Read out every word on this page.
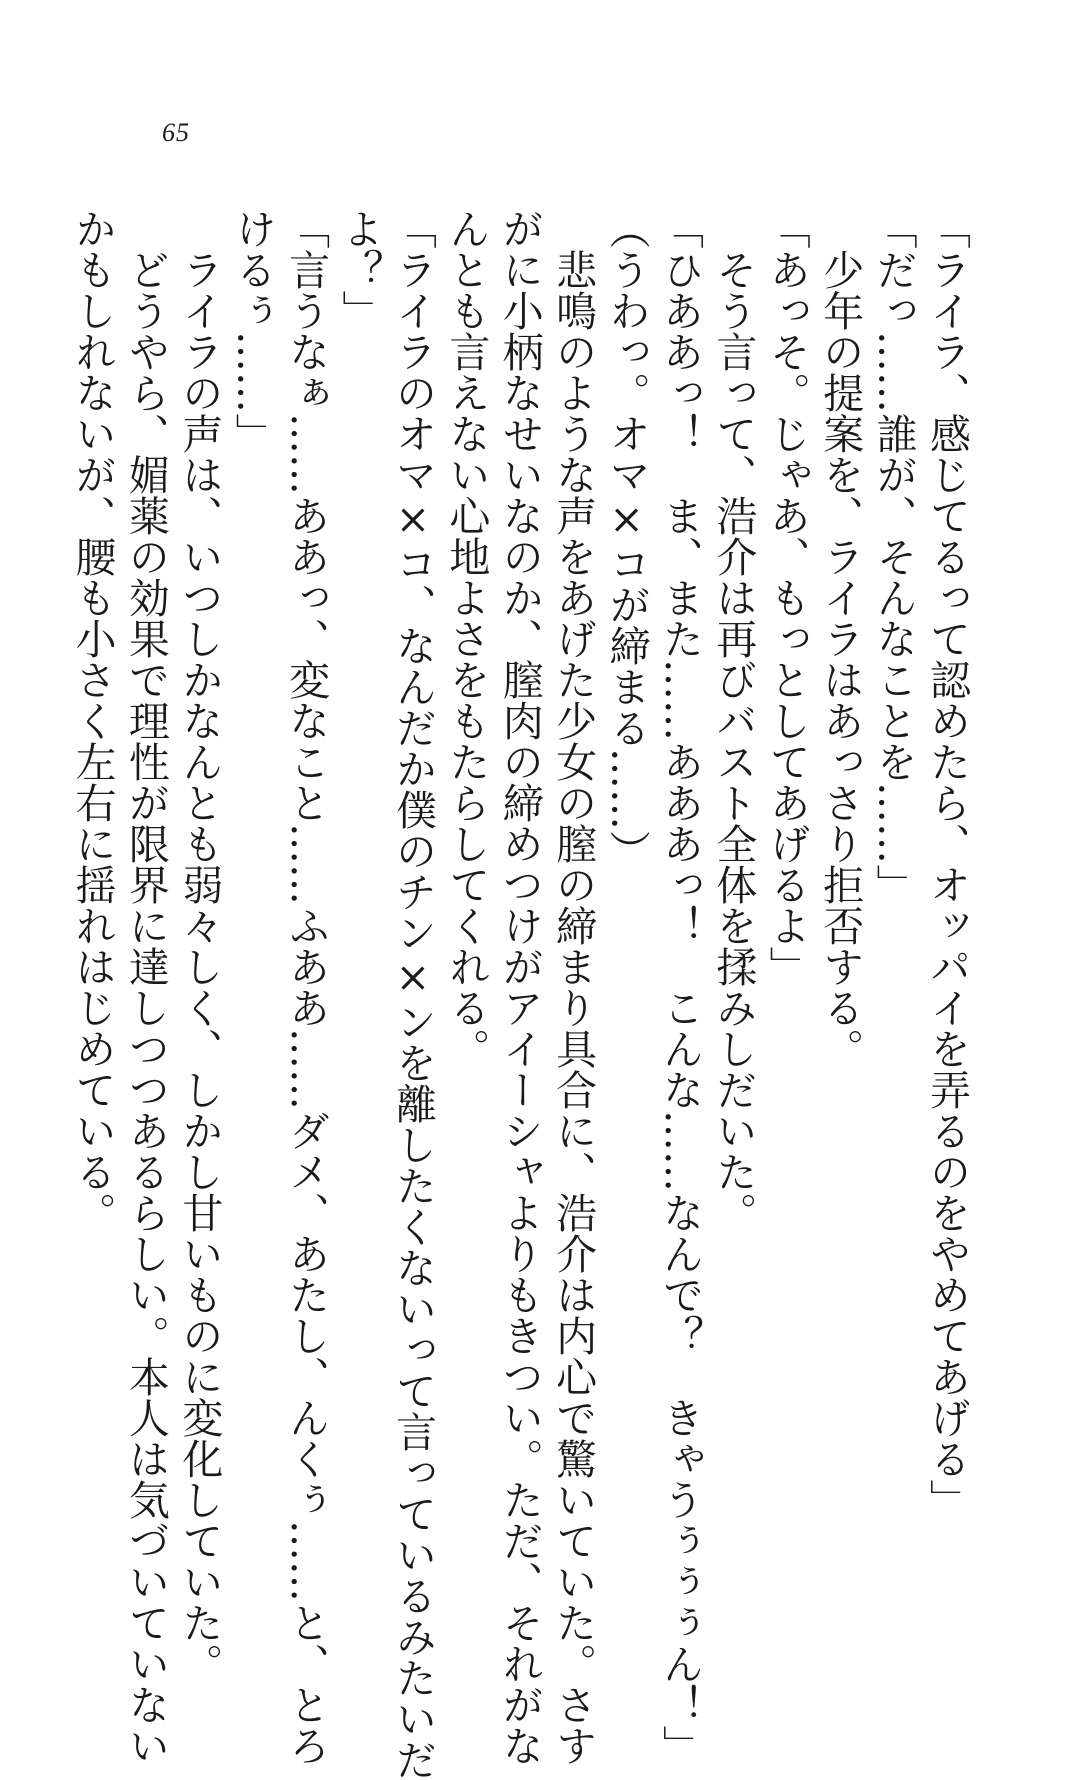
65
「ライラ、感じてるって認めたら、オッパイを弄るのをやめてあげる」
「だっ……誰が、そんなことを……」
　少年の提案を、ライラはあっさり拒否する。
「あっそ。じゃあ、もっとしてあげるよ」
　そう言って、浩介は再びバスト全体を揉みしだいた。
「ひああっ！　ま、また……あああっ！　こんな……なんで？　きゃうぅぅぅん！」
（うわっ。オマ×コが締まる……）
　悲鳴のような声をあげた少女の膣の締まり具合に、浩介は内心で驚いていた。さす
がに小柄なせいなのか、膣肉の締めつけがアイーシャよりもきつい。ただ、それがな
んとも言えない心地よさをもたらしてくれる。
「ライラのオマ×コ、なんだか僕のチン×ンを離したくないって言っているみたいだ
よ？」
「言うなぁ……ああっ、変なこと……ふああ……ダメ、あたし、んくぅ……と、とろ
けるぅ……」
　ライラの声は、いつしかなんとも弱々しく、しかし甘いものに変化していた。
　どうやら、媚薬の効果で理性が限界に達しつつあるらしい。本人は気づいていない
かもしれないが、腰も小さく左右に揺れはじめている。
